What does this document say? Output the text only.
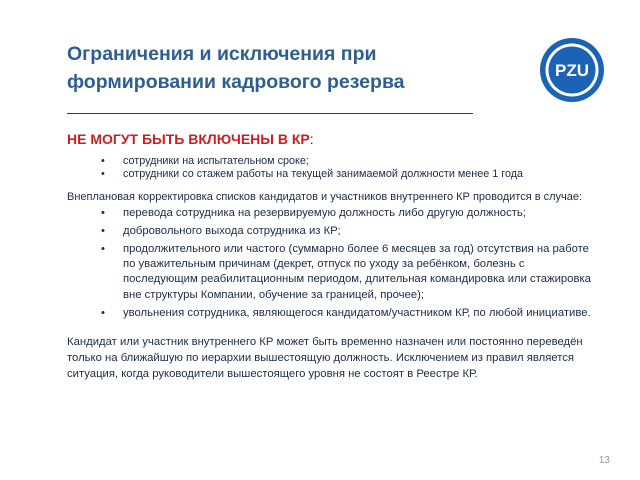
Ограничения и исключения при формировании кадрового резерва
PZU
НЕ МОГУТ БЫТЬ ВКЛЮЧЕНЫ В КР:
• сотрудники на испытательном сроке;
• сотрудники со стажем работы на текущей занимаемой должности менее 1 года

Внеплановая корректировка списков кандидатов и участников внутреннего КР проводится в случае:

• перевода сотрудника на резервируемую должность либо другую должность;
• добровольного выхода сотрудника из КР;
• продолжительного или частого (суммарно более 6 месяцев за год) отсутствия на работе по уважительным причинам (декрет, отпуск по уходу за ребёнком, болезнь с последующим реабилитационным периодом, длительная командировка или стажировка вне структуры Компании, обучение за границей, прочее);
• увольнения сотрудника, являющегося кандидатом/участником КР, по любой инициативе.

Кандидат или участник внутреннего КР может быть временно назначен или постоянно переведён только на ближайшую по иерархии вышестоящую должность. Исключением из правил является ситуация, когда руководители вышестоящего уровня не состоят в Реестре КР.

13
